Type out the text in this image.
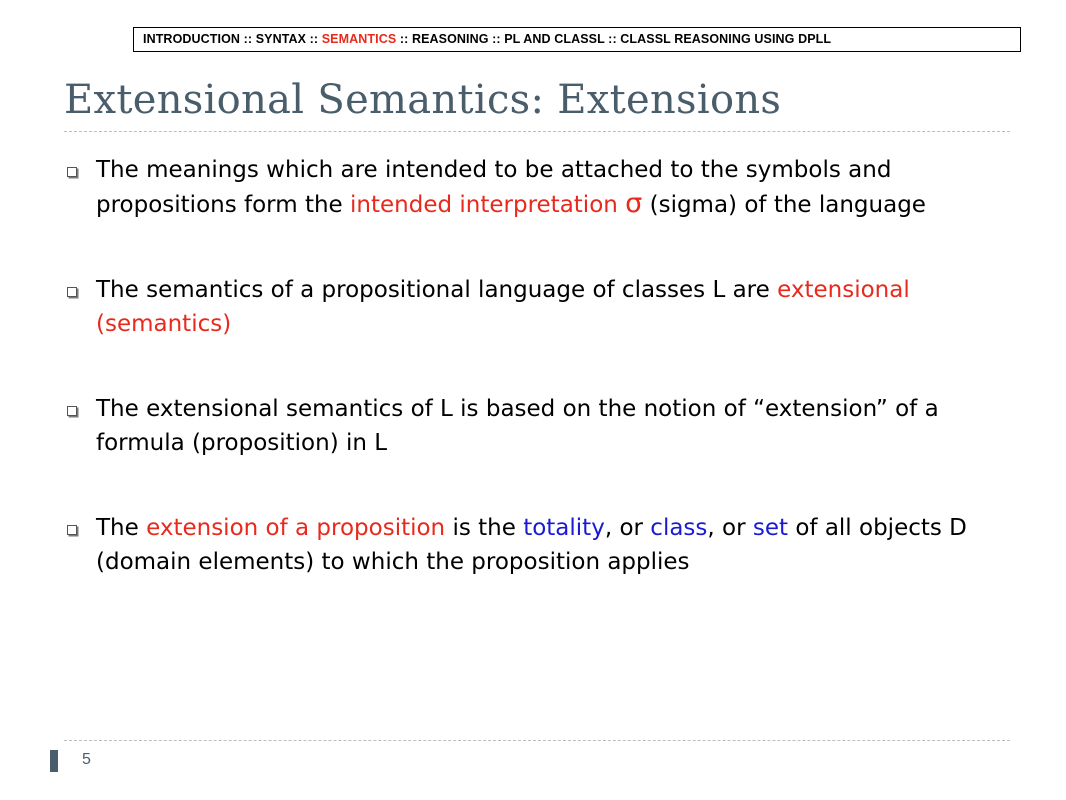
INTRODUCTION :: SYNTAX :: SEMANTICS :: REASONING :: PL AND CLASSL :: CLASSL REASONING USING DPLL
Extensional Semantics: Extensions
The meanings which are intended to be attached to the symbols and propositions form the intended interpretation σ (sigma) of the language
The semantics of a propositional language of classes L are extensional (semantics)
The extensional semantics of L is based on the notion of “extension” of a formula (proposition) in L
The extension of a proposition is the totality, or class, or set of all objects D (domain elements) to which the proposition applies
5
